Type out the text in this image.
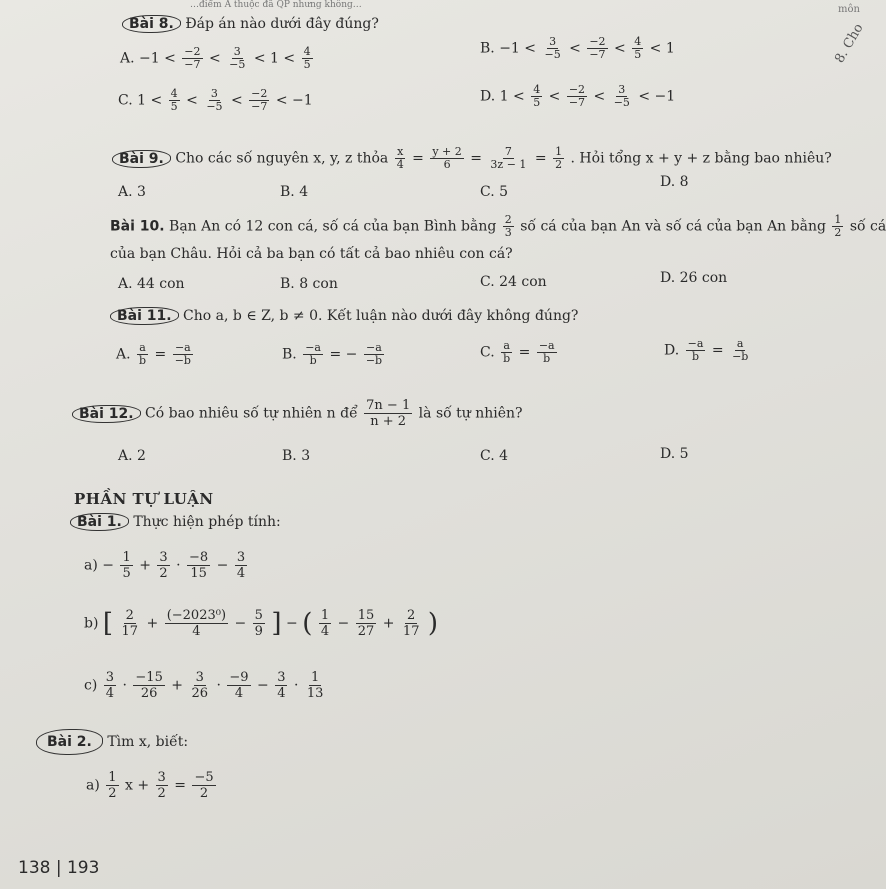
…điểm A thuộc đã QP nhưng không…	môn
8. Cho
Bài 8. Đáp án nào dưới đây đúng?
A. $-1 < \frac{-2}{-7} < \frac{3}{-5} < 1 < \frac{4}{5}$	B. $-1 < \frac{3}{-5} < \frac{-2}{-7} < \frac{4}{5} < 1$
C. $1 < \frac{4}{5} < \frac{3}{-5} < \frac{-2}{-7} < -1$	D. $1 < \frac{4}{5} < \frac{-2}{-7} < \frac{3}{-5} < -1$
Bài 9. Cho các số nguyên x, y, z thỏa $\frac{x}{4} = \frac{y + 2}{6} = \frac{7}{3z - 1} = \frac{1}{2}$ . Hỏi tổng x + y + z bằng bao nhiêu?
A. 3	B. 4	C. 5
D. 8
Bài 10. Bạn An có 12 con cá, số cá của bạn Bình bằng $\frac{2}{3}$ số cá của bạn An và số cá của bạn An bằng $\frac{1}{2}$ số cá
của bạn Châu. Hỏi cả ba bạn có tất cả bao nhiêu con cá?
A. 44 con	B. 8 con	C. 24 con	D. 26 con
Bài 11. Cho a, b ∈ Z, b ≠ 0. Kết luận nào dưới đây không đúng?
A. $\frac{a}{b} = \frac{-a}{-b}$	B. $\frac{-a}{b}$ = − $\frac{-a}{-b}$	C. $\frac{a}{b} = \frac{-a}{b}$	D. $\frac{-a}{b} = \frac{a}{-b}$
Bài 12. Có bao nhiêu số tự nhiên n để $\frac{7n - 1}{n + 2}$ là số tự nhiên?
A. 2	B. 3	C. 4	D. 5
PHẦN TỰ LUẬN
Bài 1. Thực hiện phép tính:
$a) - \frac{1}{5} + \frac{3}{2} \cdot \frac{-8}{15} - \frac{3}{4}$
b) [ $\frac{2}{17} + \frac{\text{(−2023⁰)}}{4} - \frac{5}{9}$ ] − ( $\frac{1}{4} - \frac{15}{27} + \frac{2}{17}$ )
$c) \frac{3}{4} \cdot \frac{-15}{26} + \frac{3}{26} \cdot \frac{-9}{4} - \frac{3}{4} \cdot \frac{1}{13}$
Bài 2. Tìm x, biết:
$a) \frac{1}{2}$ $x + \frac{3}{2} = \frac{-5}{2}$
138 | 193
